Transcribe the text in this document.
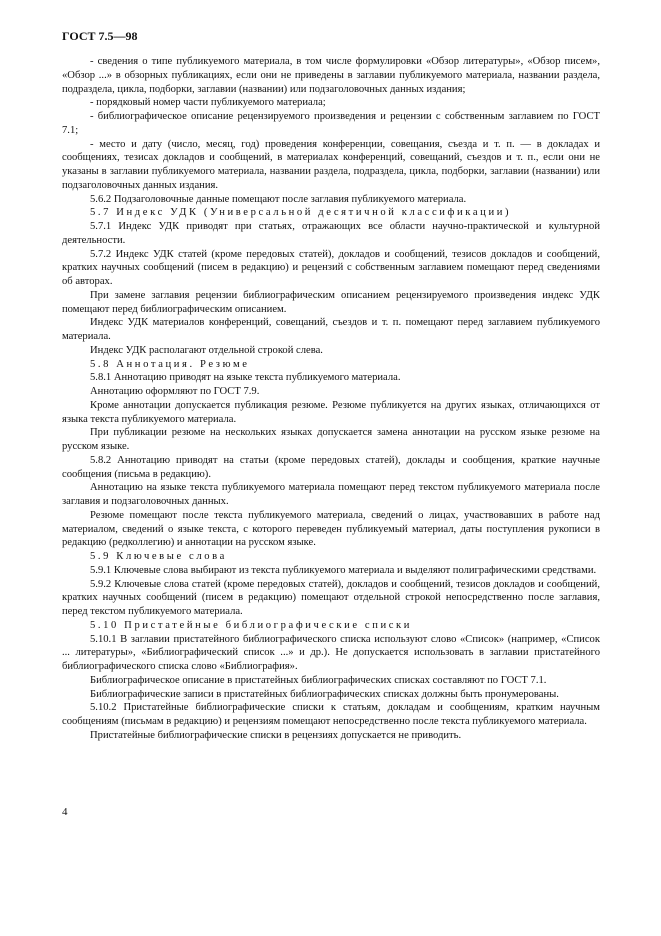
ГОСТ 7.5—98

- сведения о типе публикуемого материала, в том числе формулировки «Обзор литературы», «Обзор писем», «Обзор ...» в обзорных публикациях, если они не приведены в заглавии публикуемого материала, названии раздела, подраздела, цикла, подборки, заглавии (названии) или подзаголовочных данных издания;

- порядковый номер части публикуемого материала;

- библиографическое описание рецензируемого произведения и рецензии с собственным заглавием по ГОСТ 7.1;

- место и дату (число, месяц, год) проведения конференции, совещания, съезда и т. п. — в докладах и сообщениях, тезисах докладов и сообщений, в материалах конференций, совещаний, съездов и т. п., если они не указаны в заглавии публикуемого материала, названии раздела, подраздела, цикла, подборки, заглавии (названии) или подзаголовочных данных издания.

5.6.2 Подзаголовочные данные помещают после заглавия публикуемого материала.

5.7 Индекс УДК (Универсальной десятичной классификации)

5.7.1 Индекс УДК приводят при статьях, отражающих все области научно-практической и культурной деятельности.

5.7.2 Индекс УДК статей (кроме передовых статей), докладов и сообщений, тезисов докладов и сообщений, кратких научных сообщений (писем в редакцию) и рецензий с собственным заглавием помещают перед сведениями об авторах.

При замене заглавия рецензии библиографическим описанием рецензируемого произведения индекс УДК помещают перед библиографическим описанием.

Индекс УДК материалов конференций, совещаний, съездов и т. п. помещают перед заглавием публикуемого материала.

Индекс УДК располагают отдельной строкой слева.

5.8 Аннотация. Резюме

5.8.1 Аннотацию приводят на языке текста публикуемого материала.

Аннотацию оформляют по ГОСТ 7.9.

Кроме аннотации допускается публикация резюме. Резюме публикуется на других языках, отличающихся от языка текста публикуемого материала.

При публикации резюме на нескольких языках допускается замена аннотации на русском языке резюме на русском языке.

5.8.2 Аннотацию приводят на статьи (кроме передовых статей), доклады и сообщения, краткие научные сообщения (письма в редакцию).

Аннотацию на языке текста публикуемого материала помещают перед текстом публикуемого материала после заглавия и подзаголовочных данных.

Резюме помещают после текста публикуемого материала, сведений о лицах, участвовавших в работе над материалом, сведений о языке текста, с которого переведен публикуемый материал, даты поступления рукописи в редакцию (редколлегию) и аннотации на русском языке.

5.9 Ключевые слова

5.9.1 Ключевые слова выбирают из текста публикуемого материала и выделяют полиграфическими средствами.

5.9.2 Ключевые слова статей (кроме передовых статей), докладов и сообщений, тезисов докладов и сообщений, кратких научных сообщений (писем в редакцию) помещают отдельной строкой непосредственно после заглавия, перед текстом публикуемого материала.

5.10 Пристатейные библиографические списки

5.10.1 В заглавии пристатейного библиографического списка используют слово «Список» (например, «Список ... литературы», «Библиографический список ...» и др.). Не допускается использовать в заглавии пристатейного библиографического списка слово «Библиография».

Библиографическое описание в пристатейных библиографических списках составляют по ГОСТ 7.1.

Библиографические записи в пристатейных библиографических списках должны быть пронумерованы.

5.10.2 Пристатейные библиографические списки к статьям, докладам и сообщениям, кратким научным сообщениям (письмам в редакцию) и рецензиям помещают непосредственно после текста публикуемого материала.

Пристатейные библиографические списки в рецензиях допускается не приводить.

4
